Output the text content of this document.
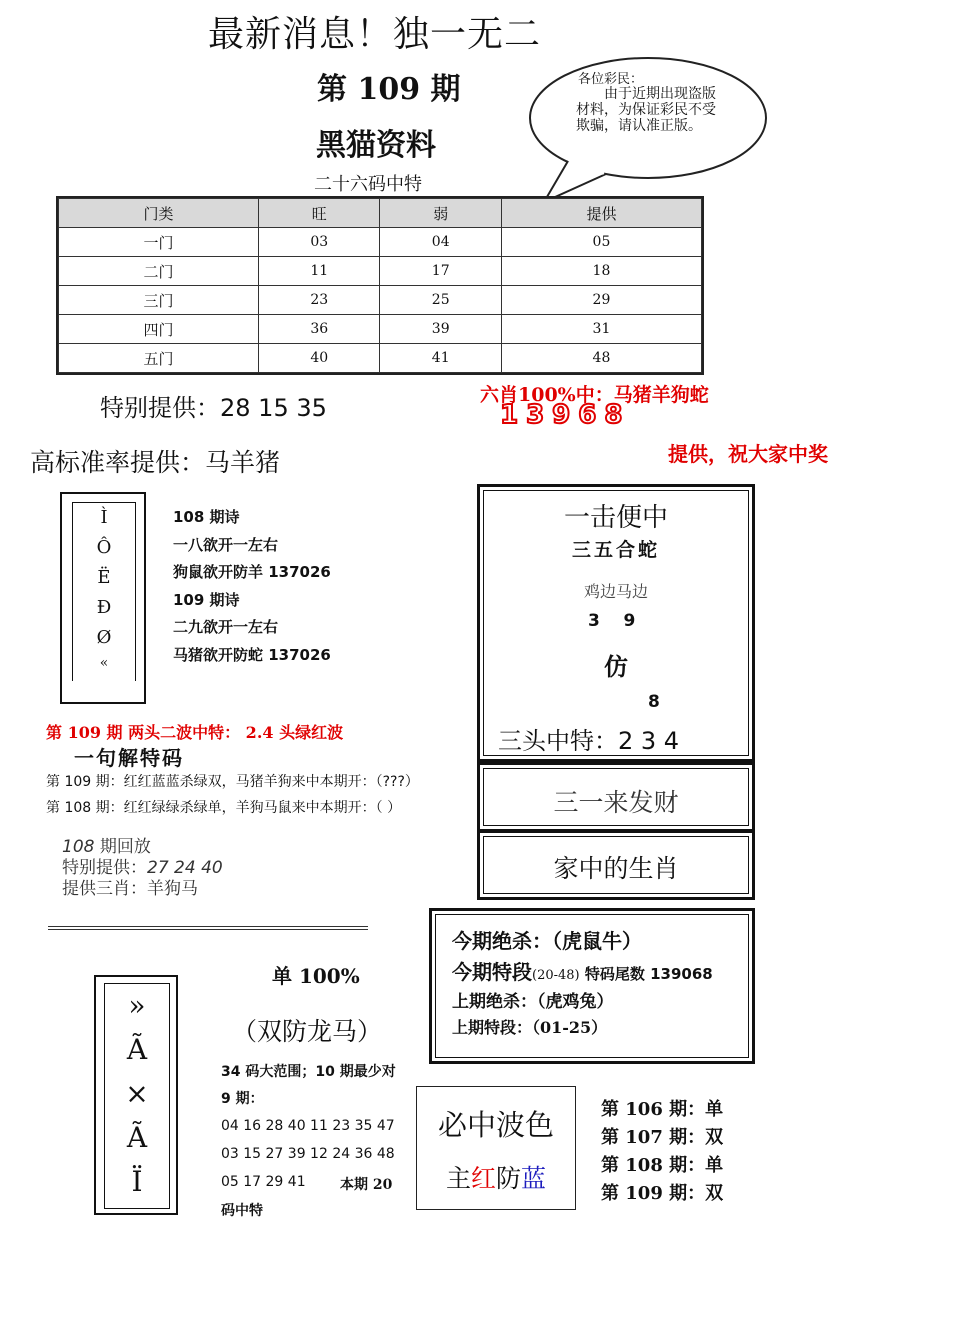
最新消息！独一无二
第 109 期
黑猫资料
二十六码中特
各位彩民：
由于近期出现盗版材料，为保证彩民不受欺骗，请认准正版。
门类	旺	弱	提供
一门	03	04	05
二门	11	17	18
三门	23	25	29
四门	36	39	31
五门	40	41	48
特别提供：28 15 35	六肖100%中：马猪羊狗蛇
13968
提供，祝大家中奖
高标准率提供：马羊猪
Ì
Ô
Ë
Ð
Ø
«
108 期诗
一八欲开一左右
狗鼠欲开防羊 137026
109 期诗
二九欲开一左右
马猪欲开防蛇 137026
第 109 期 两头二波中特： 2.4 头绿红波
一句解特码
第 109 期：红红蓝蓝杀绿双，马猪羊狗来中本期开：（???）
第 108 期：红红绿绿杀绿单，羊狗马鼠来中本期开：（ ）
108 期回放
特别提供：27 24 40
提供三肖：羊狗马
一击便中
三五合蛇
鸡边马边
3    9
仿
8
三头中特：2 3 4
三一来发财
家中的生肖
今期绝杀：（虎鼠牛）
今期特段(20-48) 特码尾数 139068
上期绝杀：（虎鸡兔）
上期特段：（01-25）
»
Ã
×
Ã
Ï
单 100%
（双防龙马）
34 码大范围；10 期最少对
9 期：
04 16 28 40 11 23 35 47
03 15 27 39 12 24 36 48
05 17 29 41 本期 20
码中特
必中波色
主红防蓝
第 106 期：单
第 107 期：双
第 108 期：单
第 109 期：双
